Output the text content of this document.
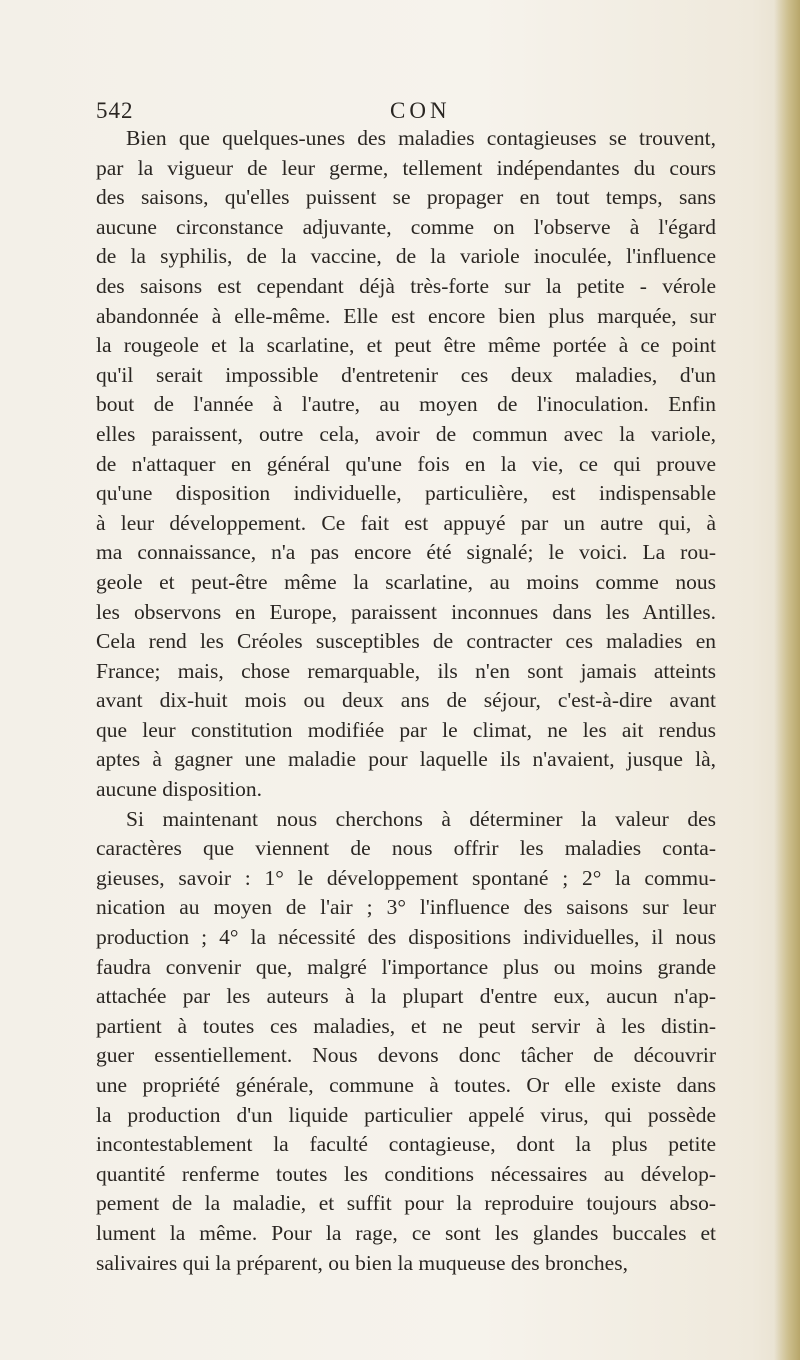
542	CON
Bien que quelques-unes des maladies contagieuses se trouvent,
par la vigueur de leur germe, tellement indépendantes du cours
des saisons, qu'elles puissent se propager en tout temps, sans
aucune circonstance adjuvante, comme on l'observe à l'égard
de la syphilis, de la vaccine, de la variole inoculée, l'influence
des saisons est cependant déjà très-forte sur la petite - vérole
abandonnée à elle-même. Elle est encore bien plus marquée, sur
la rougeole et la scarlatine, et peut être même portée à ce point
qu'il serait impossible d'entretenir ces deux maladies, d'un
bout de l'année à l'autre, au moyen de l'inoculation. Enfin
elles paraissent, outre cela, avoir de commun avec la variole,
de n'attaquer en général qu'une fois en la vie, ce qui prouve
qu'une disposition individuelle, particulière, est indispensable
à leur développement. Ce fait est appuyé par un autre qui, à
ma connaissance, n'a pas encore été signalé; le voici. La rou-
geole et peut-être même la scarlatine, au moins comme nous
les observons en Europe, paraissent inconnues dans les Antilles.
Cela rend les Créoles susceptibles de contracter ces maladies en
France; mais, chose remarquable, ils n'en sont jamais atteints
avant dix-huit mois ou deux ans de séjour, c'est-à-dire avant
que leur constitution modifiée par le climat, ne les ait rendus
aptes à gagner une maladie pour laquelle ils n'avaient, jusque là,
aucune disposition.
Si maintenant nous cherchons à déterminer la valeur des
caractères que viennent de nous offrir les maladies conta-
gieuses, savoir : 1° le développement spontané ; 2° la commu-
nication au moyen de l'air ; 3° l'influence des saisons sur leur
production ; 4° la nécessité des dispositions individuelles, il nous
faudra convenir que, malgré l'importance plus ou moins grande
attachée par les auteurs à la plupart d'entre eux, aucun n'ap-
partient à toutes ces maladies, et ne peut servir à les distin-
guer essentiellement. Nous devons donc tâcher de découvrir
une propriété générale, commune à toutes. Or elle existe dans
la production d'un liquide particulier appelé virus, qui possède
incontestablement la faculté contagieuse, dont la plus petite
quantité renferme toutes les conditions nécessaires au dévelop-
pement de la maladie, et suffit pour la reproduire toujours abso-
lument la même. Pour la rage, ce sont les glandes buccales et
salivaires qui la préparent, ou bien la muqueuse des bronches,
